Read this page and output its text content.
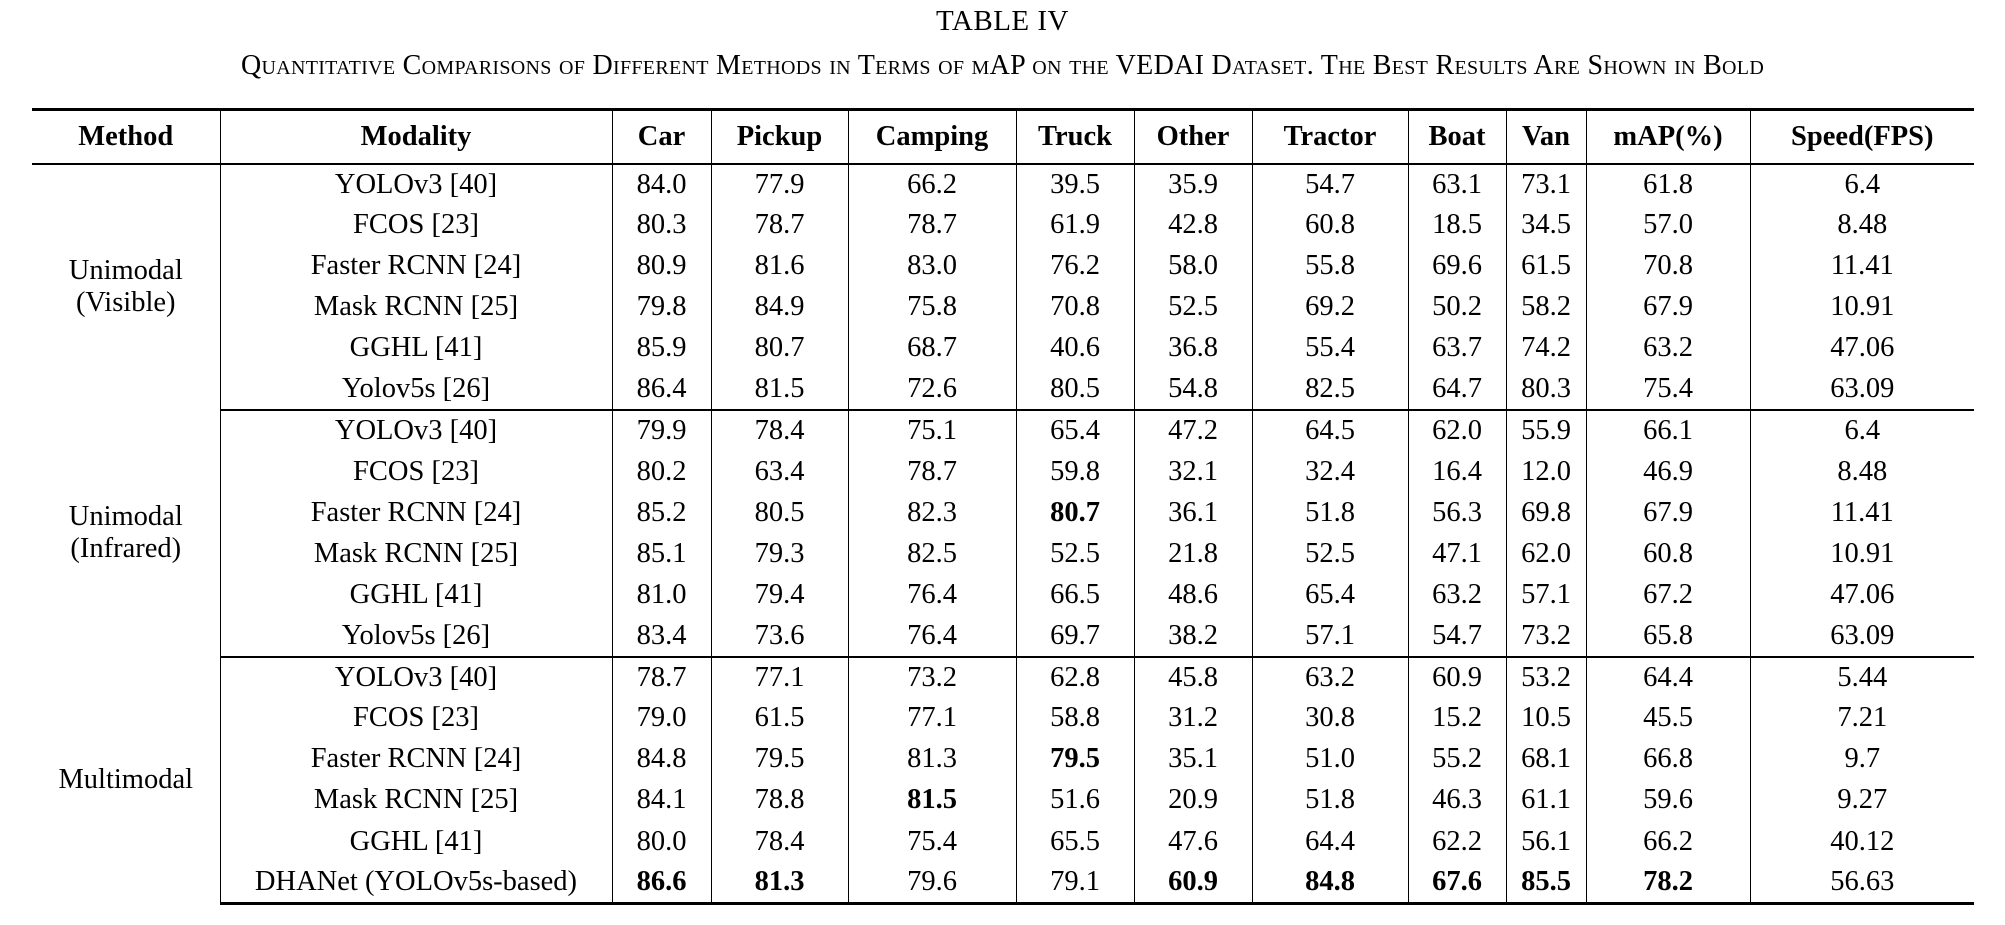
TABLE IV
Quantitative Comparisons of Different Methods in Terms of mAP on the VEDAI Dataset. The Best Results Are Shown in Bold
Method	Modality	Car	Pickup	Camping	Truck	Other	Tractor	Boat	Van	mAP(%)	Speed(FPS)

Unimodal
(Visible)	YOLOv3 [40]	84.0	77.9	66.2	39.5	35.9	54.7	63.1	73.1	61.8	6.4
	FCOS [23]	80.3	78.7	78.7	61.9	42.8	60.8	18.5	34.5	57.0	8.48
	Faster RCNN [24]	80.9	81.6	83.0	76.2	58.0	55.8	69.6	61.5	70.8	11.41
	Mask RCNN [25]	79.8	84.9	75.8	70.8	52.5	69.2	50.2	58.2	67.9	10.91
	GGHL [41]	85.9	80.7	68.7	40.6	36.8	55.4	63.7	74.2	63.2	47.06
	Yolov5s [26]	86.4	81.5	72.6	80.5	54.8	82.5	64.7	80.3	75.4	63.09

Unimodal
(Infrared)	YOLOv3 [40]	79.9	78.4	75.1	65.4	47.2	64.5	62.0	55.9	66.1	6.4
	FCOS [23]	80.2	63.4	78.7	59.8	32.1	32.4	16.4	12.0	46.9	8.48
	Faster RCNN [24]	85.2	80.5	82.3	80.7	36.1	51.8	56.3	69.8	67.9	11.41
	Mask RCNN [25]	85.1	79.3	82.5	52.5	21.8	52.5	47.1	62.0	60.8	10.91
	GGHL [41]	81.0	79.4	76.4	66.5	48.6	65.4	63.2	57.1	67.2	47.06
	Yolov5s [26]	83.4	73.6	76.4	69.7	38.2	57.1	54.7	73.2	65.8	63.09

Multimodal	YOLOv3 [40]	78.7	77.1	73.2	62.8	45.8	63.2	60.9	53.2	64.4	5.44
	FCOS [23]	79.0	61.5	77.1	58.8	31.2	30.8	15.2	10.5	45.5	7.21
	Faster RCNN [24]	84.8	79.5	81.3	79.5	35.1	51.0	55.2	68.1	66.8	9.7
	Mask RCNN [25]	84.1	78.8	81.5	51.6	20.9	51.8	46.3	61.1	59.6	9.27
	GGHL [41]	80.0	78.4	75.4	65.5	47.6	64.4	62.2	56.1	66.2	40.12
	DHANet (YOLOv5s-based)	86.6	81.3	79.6	79.1	60.9	84.8	67.6	85.5	78.2	56.63
